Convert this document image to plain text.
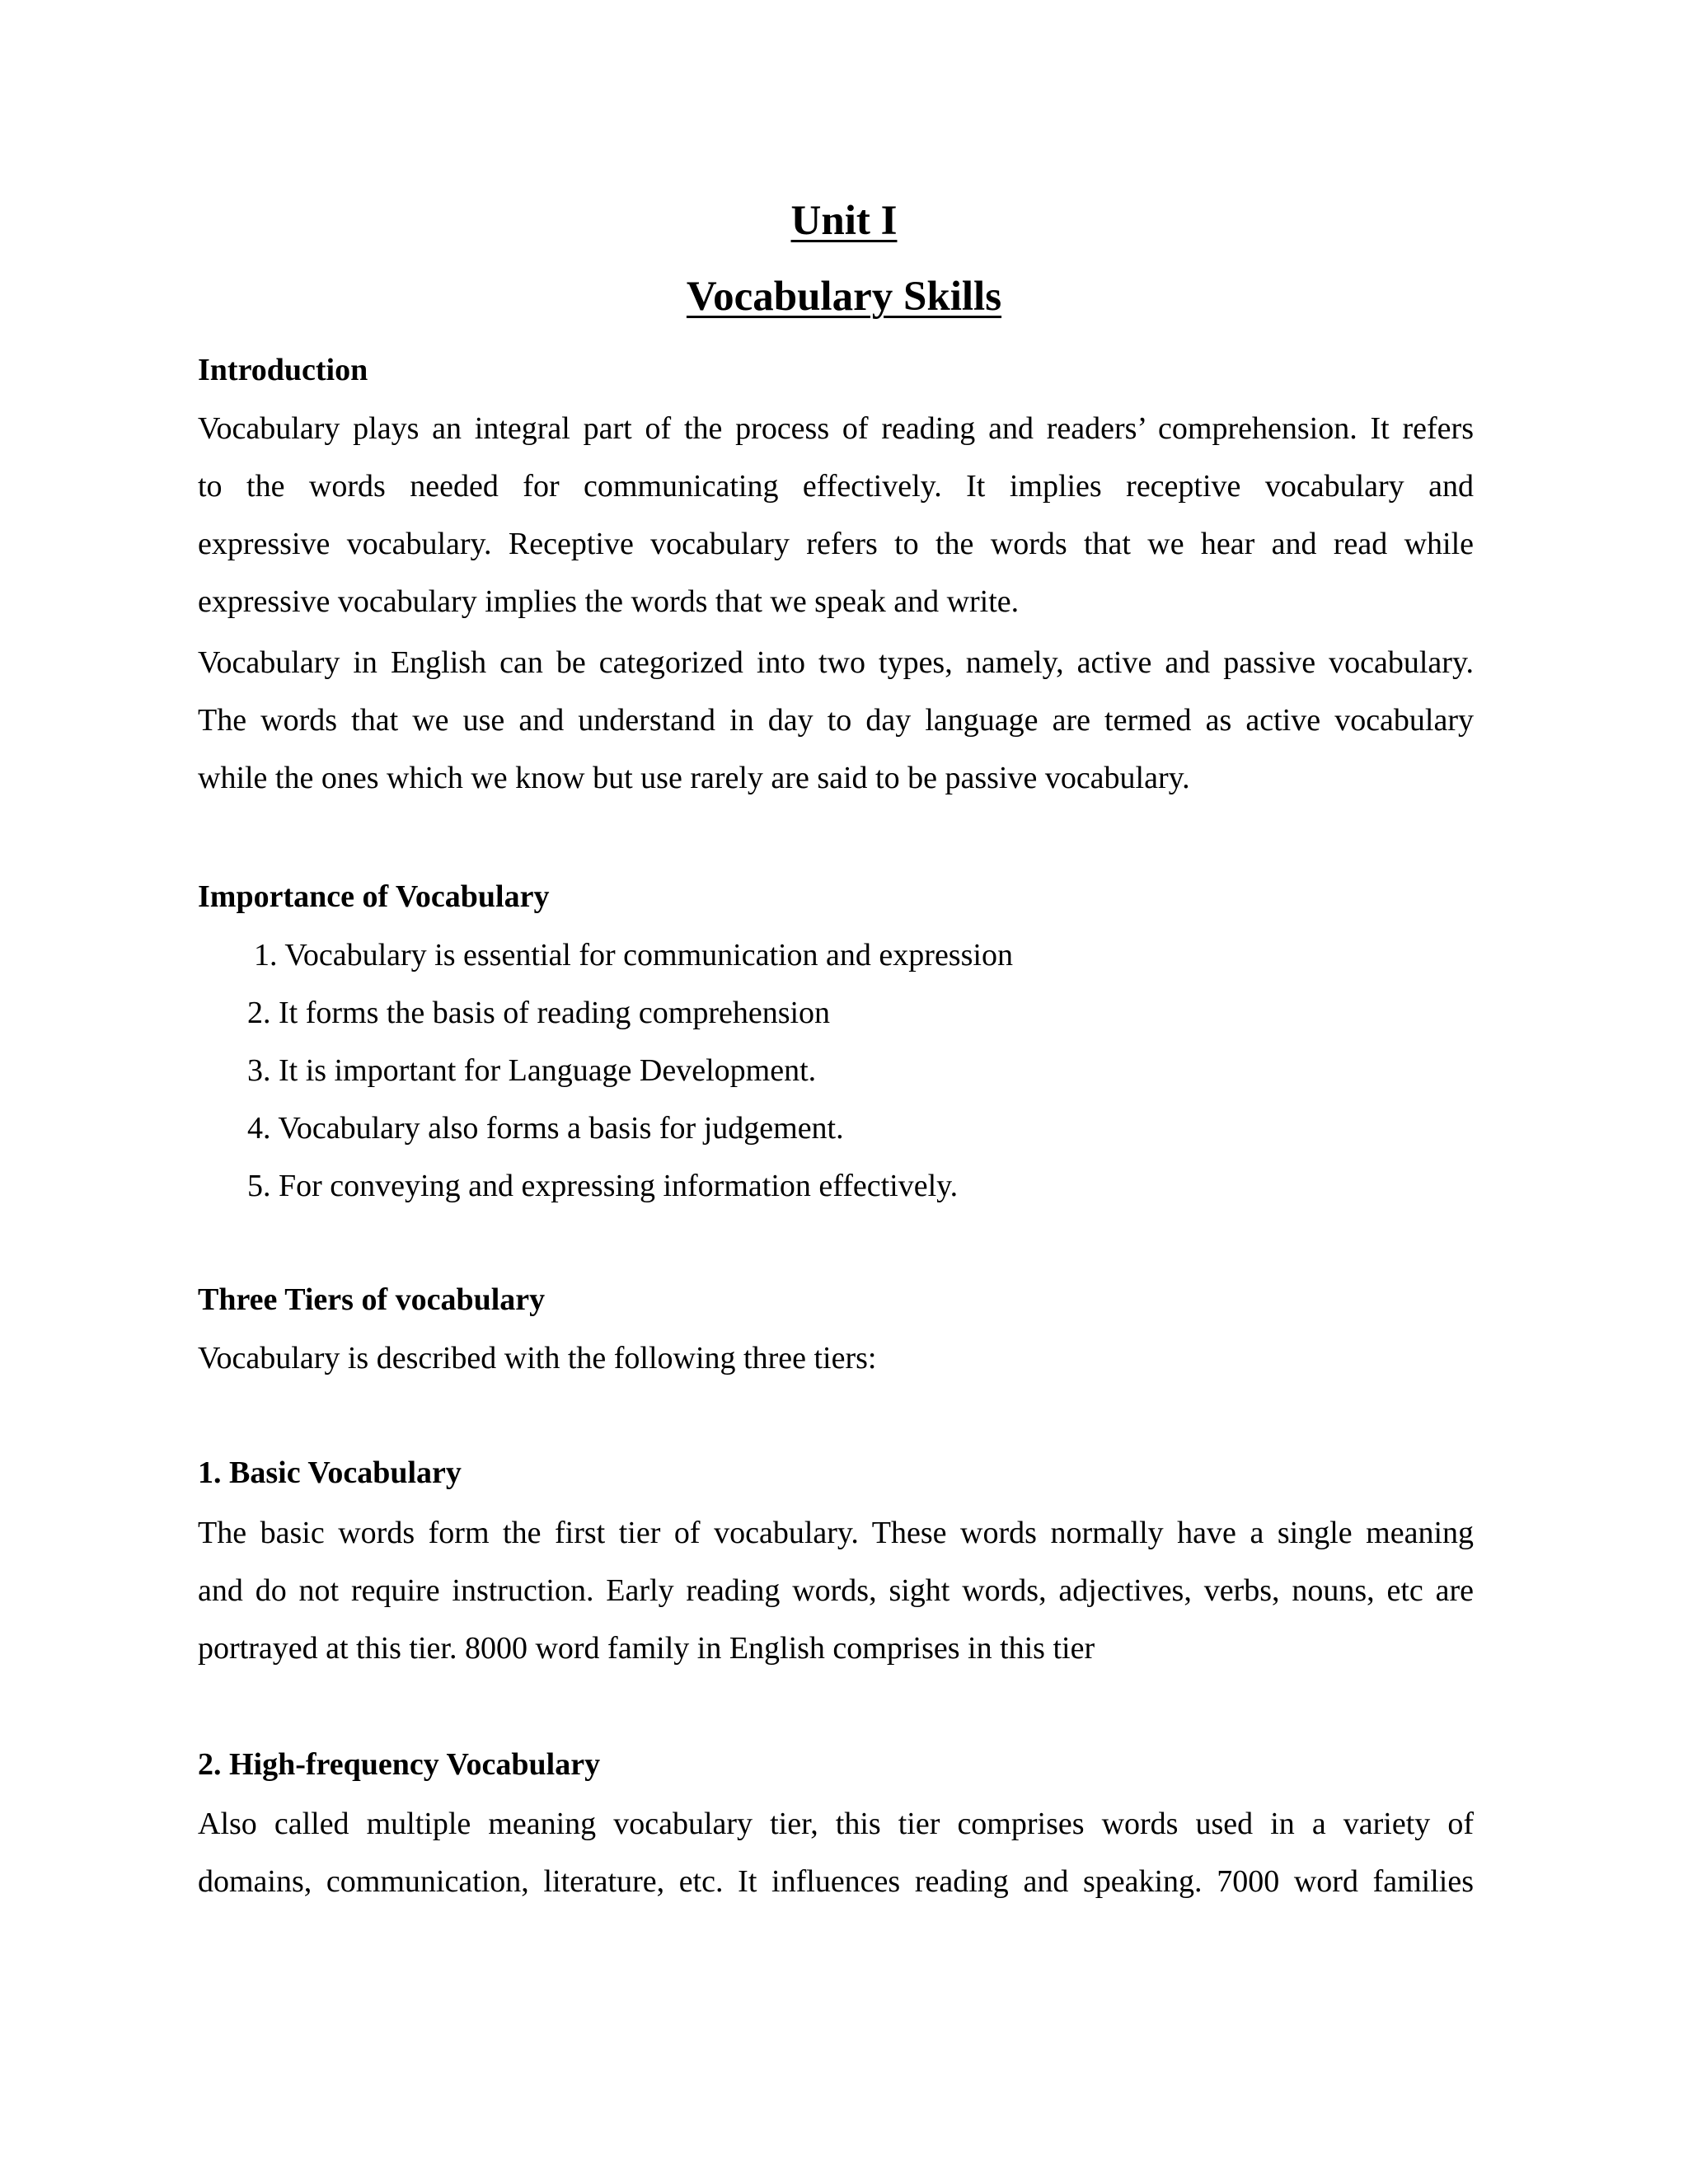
Unit I
Vocabulary Skills
Introduction

Vocabulary plays an integral part of the process of reading and readers’ comprehension. It refers

to the words needed for communicating effectively. It implies receptive vocabulary and

expressive vocabulary. Receptive vocabulary refers to the words that we hear and read while

expressive vocabulary implies the words that we speak and write.

Vocabulary in English can be categorized into two types, namely, active and passive vocabulary.

The words that we use and understand in day to day language are termed as active vocabulary

while the ones which we know but use rarely are said to be passive vocabulary.

Importance of Vocabulary
1. Vocabulary is essential for communication and expression
2. It forms the basis of reading comprehension
3. It is important for Language Development.
4. Vocabulary also forms a basis for judgement.
5. For conveying and expressing information effectively.
Three Tiers of vocabulary

Vocabulary is described with the following three tiers:

1. Basic Vocabulary

The basic words form the first tier of vocabulary. These words normally have a single meaning

and do not require instruction. Early reading words, sight words, adjectives, verbs, nouns, etc are

portrayed at this tier. 8000 word family in English comprises in this tier

2. High-frequency Vocabulary

Also called multiple meaning vocabulary tier, this tier comprises words used in a variety of

domains, communication, literature, etc. It influences reading and speaking. 7000 word families
